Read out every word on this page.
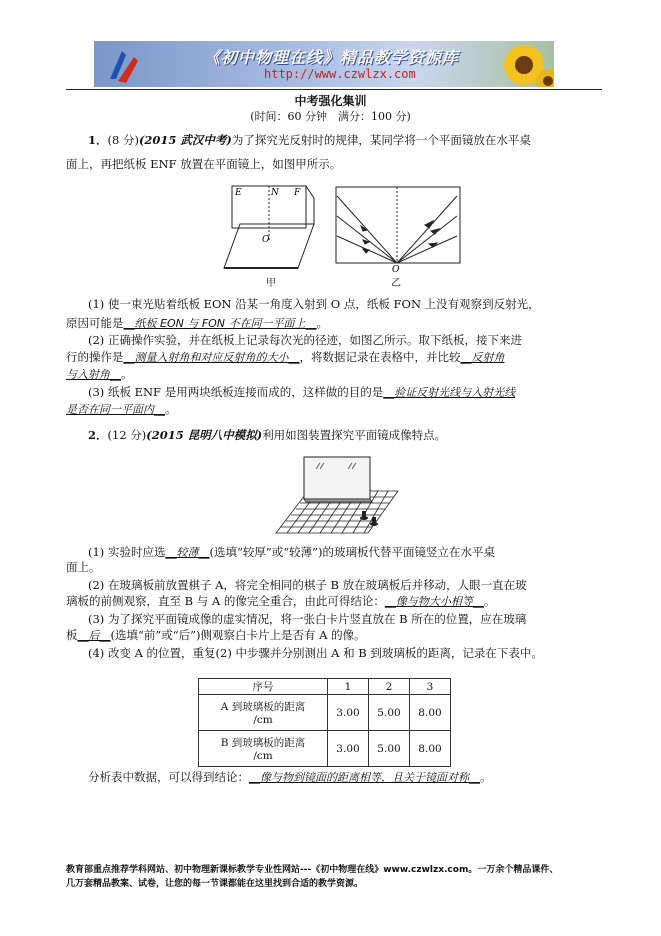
《初中物理在线》精品教学资源库
http://www.czwlzx.com
中考强化集训
(时间：60 分钟　满分：100 分)
1．(8 分)(2015 武汉中考)为了探究光反射时的规律，某同学将一个平面镜放在水平桌
面上，再把纸板 ENF 放置在平面镜上，如图甲所示。
E	N F
O
甲
O
乙
(1) 使一束光贴着纸板 EON 沿某一角度入射到 O 点，纸板 FON 上没有观察到反射光，
原因可能是__纸板 EON 与 FON 不在同一平面上__。
(2) 正确操作实验，并在纸板上记录每次光的径迹，如图乙所示。取下纸板，接下来进
行的操作是__测量入射角和对应反射角的大小__，将数据记录在表格中，并比较__反射角
与入射角__。
(3) 纸板 ENF 是用两块纸板连接而成的，这样做的目的是__验证反射光线与入射光线
是否在同一平面内__。
2．(12 分)(2015 昆明八中模拟)利用如图装置探究平面镜成像特点。
(1) 实验时应选__较薄__(选填“较厚”或“较薄”)的玻璃板代替平面镜竖立在水平桌
面上。
(2) 在玻璃板前放置棋子 A，将完全相同的棋子 B 放在玻璃板后并移动，人眼一直在玻
璃板的前侧观察，直至 B 与 A 的像完全重合，由此可得结论：__像与物大小相等__。
(3) 为了探究平面镜成像的虚实情况，将一张白卡片竖直放在 B 所在的位置，应在玻璃
板__后__(选填“前”或“后”)侧观察白卡片上是否有 A 的像。
(4) 改变 A 的位置，重复(2) 中步骤并分别测出 A 和 B 到玻璃板的距离，记录在下表中。
序号	1	2	3

A 到玻璃板的距离
/cm	3.00	5.00	8.00

B 到玻璃板的距离
/cm	3.00	5.00	8.00
分析表中数据，可以得到结论：__像与物到镜面的距离相等，且关于镜面对称__。
教育部重点推荐学科网站、初中物理新课标教学专业性网站---《初中物理在线》www.czwlzx.com。一万余个精品课件、
几万套精品教案、试卷，让您的每一节课都能在这里找到合适的教学资源。
